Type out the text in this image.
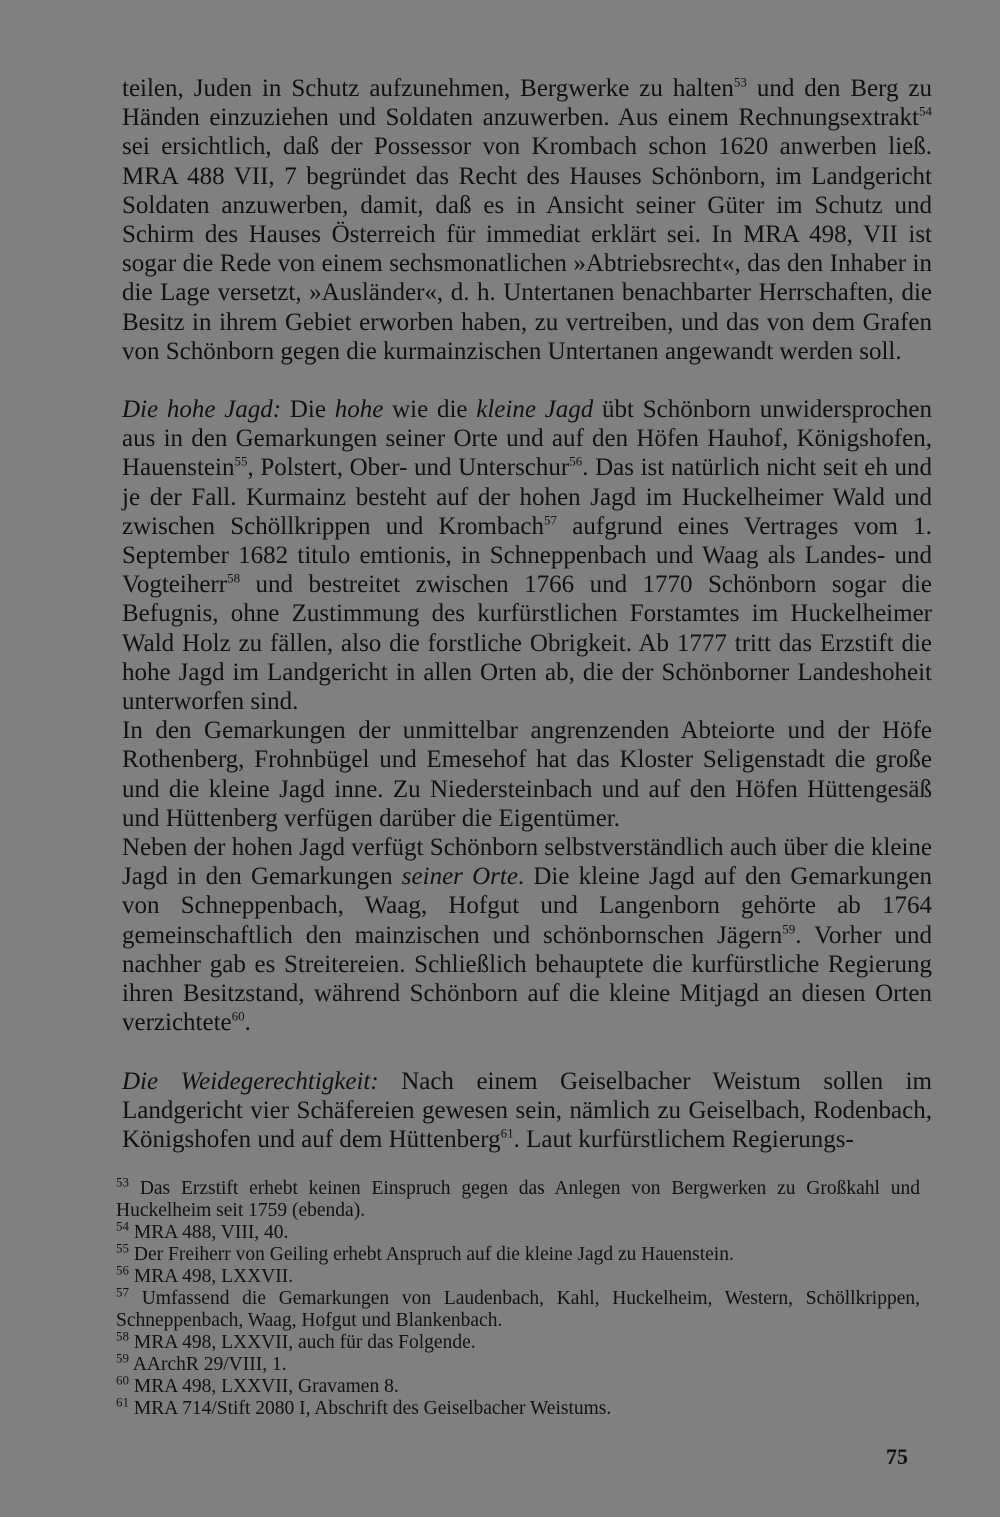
teilen, Juden in Schutz aufzunehmen, Bergwerke zu halten$^{53}$ und den Berg zu Händen einzuziehen und Soldaten anzuwerben. Aus einem Rechnungsextrakt$^{54}$ sei ersichtlich, daß der Possessor von Krombach schon 1620 anwerben ließ. MRA 488 VII, 7 begründet das Recht des Hauses Schönborn, im Landgericht Soldaten anzuwerben, damit, daß es in Ansicht seiner Güter im Schutz und Schirm des Hauses Österreich für immediat erklärt sei. In MRA 498, VII ist sogar die Rede von einem sechsmonatlichen »Abtriebsrecht«, das den Inhaber in die Lage versetzt, »Ausländer«, d. h. Untertanen benachbarter Herrschaften, die Besitz in ihrem Gebiet erworben haben, zu vertreiben, und das von dem Grafen von Schönborn gegen die kurmainzischen Untertanen angewandt werden soll.

Die hohe Jagd: Die hohe wie die kleine Jagd übt Schönborn unwidersprochen aus in den Gemarkungen seiner Orte und auf den Höfen Hauhof, Königshofen, Hauenstein$^{55}$, Polstert, Ober- und Unterschur$^{56}$. Das ist natürlich nicht seit eh und je der Fall. Kurmainz besteht auf der hohen Jagd im Huckelheimer Wald und zwischen Schöllkrippen und Krombach$^{57}$ aufgrund eines Vertrages vom 1. September 1682 titulo emtionis, in Schneppenbach und Waag als Landes- und Vogteiherr$^{58}$ und bestreitet zwischen 1766 und 1770 Schönborn sogar die Befugnis, ohne Zustimmung des kurfürstlichen Forstamtes im Huckelheimer Wald Holz zu fällen, also die forstliche Obrigkeit. Ab 1777 tritt das Erzstift die hohe Jagd im Landgericht in allen Orten ab, die der Schönborner Landeshoheit unterworfen sind.

In den Gemarkungen der unmittelbar angrenzenden Abteiorte und der Höfe Rothenberg, Frohnbügel und Emesehof hat das Kloster Seligenstadt die große und die kleine Jagd inne. Zu Niedersteinbach und auf den Höfen Hüttengesäß und Hüttenberg verfügen darüber die Eigentümer.

Neben der hohen Jagd verfügt Schönborn selbstverständlich auch über die kleine Jagd in den Gemarkungen seiner Orte. Die kleine Jagd auf den Gemarkungen von Schneppenbach, Waag, Hofgut und Langenborn gehörte ab 1764 gemeinschaftlich den mainzischen und schönbornschen Jägern$^{59}$. Vorher und nachher gab es Streitereien. Schließlich behauptete die kurfürstliche Regierung ihren Besitzstand, während Schönborn auf die kleine Mitjagd an diesen Orten verzichtete$^{60}$.

Die Weidegerechtigkeit: Nach einem Geiselbacher Weistum sollen im Landgericht vier Schäfereien gewesen sein, nämlich zu Geiselbach, Rodenbach, Königshofen und auf dem Hüttenberg$^{61}$. Laut kurfürstlichem Regierungs-

$^{53}$ Das Erzstift erhebt keinen Einspruch gegen das Anlegen von Bergwerken zu Großkahl und Huckelheim seit 1759 (ebenda).

$^{54}$ MRA 488, VIII, 40.

$^{55}$ Der Freiherr von Geiling erhebt Anspruch auf die kleine Jagd zu Hauenstein.

$^{56}$ MRA 498, LXXVII.

$^{57}$ Umfassend die Gemarkungen von Laudenbach, Kahl, Huckelheim, Western, Schöllkrippen, Schneppenbach, Waag, Hofgut und Blankenbach.

$^{58}$ MRA 498, LXXVII, auch für das Folgende.

$^{59}$ AArchR 29/VIII, 1.

$^{60}$ MRA 498, LXXVII, Gravamen 8.

$^{61}$ MRA 714/Stift 2080 I, Abschrift des Geiselbacher Weistums.

75
